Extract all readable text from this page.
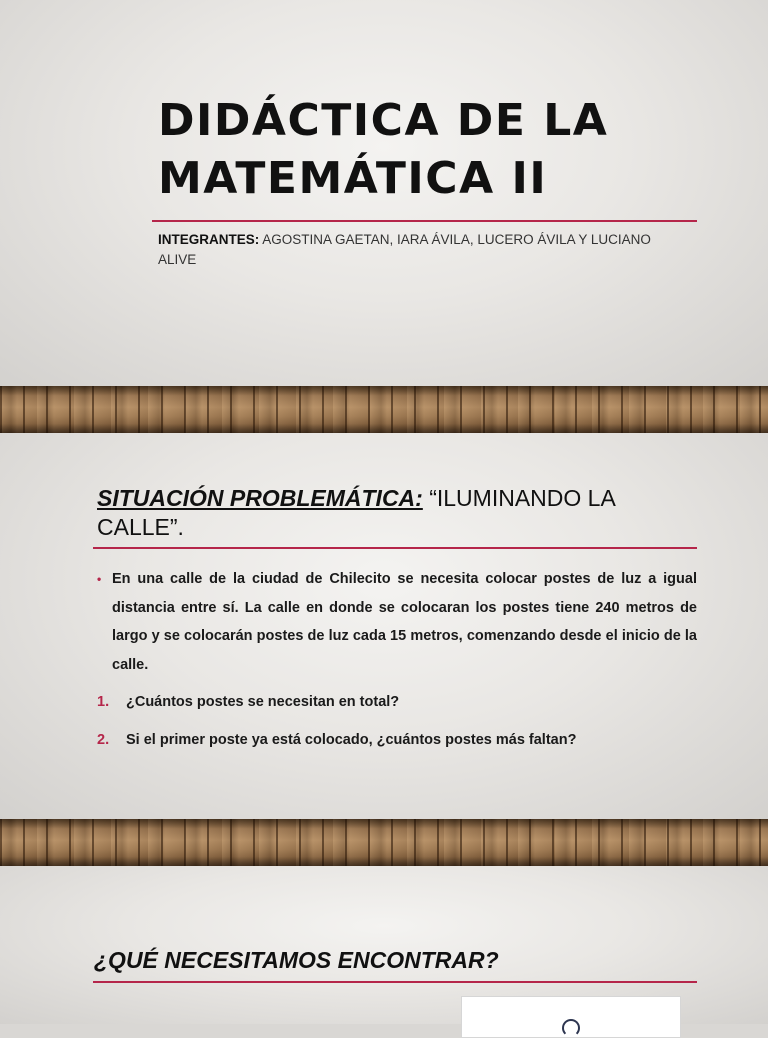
DIDÁCTICA DE LA
MATEMÁTICA II
INTEGRANTES: AGOSTINA GAETAN, IARA ÁVILA, LUCERO ÁVILA Y LUCIANO ALIVE
SITUACIÓN PROBLEMÁTICA: “ILUMINANDO LA CALLE”.
• En una calle de la ciudad de Chilecito se necesita colocar postes de luz a igual distancia entre sí. La calle en donde se colocaran los postes tiene 240 metros de largo y se colocarán postes de luz cada 15 metros, comenzando desde el inicio de la calle.
1.	¿Cuántos postes se necesitan en total?
2.	Si el primer poste ya está colocado, ¿cuántos postes más faltan?
¿QUÉ NECESITAMOS ENCONTRAR?
